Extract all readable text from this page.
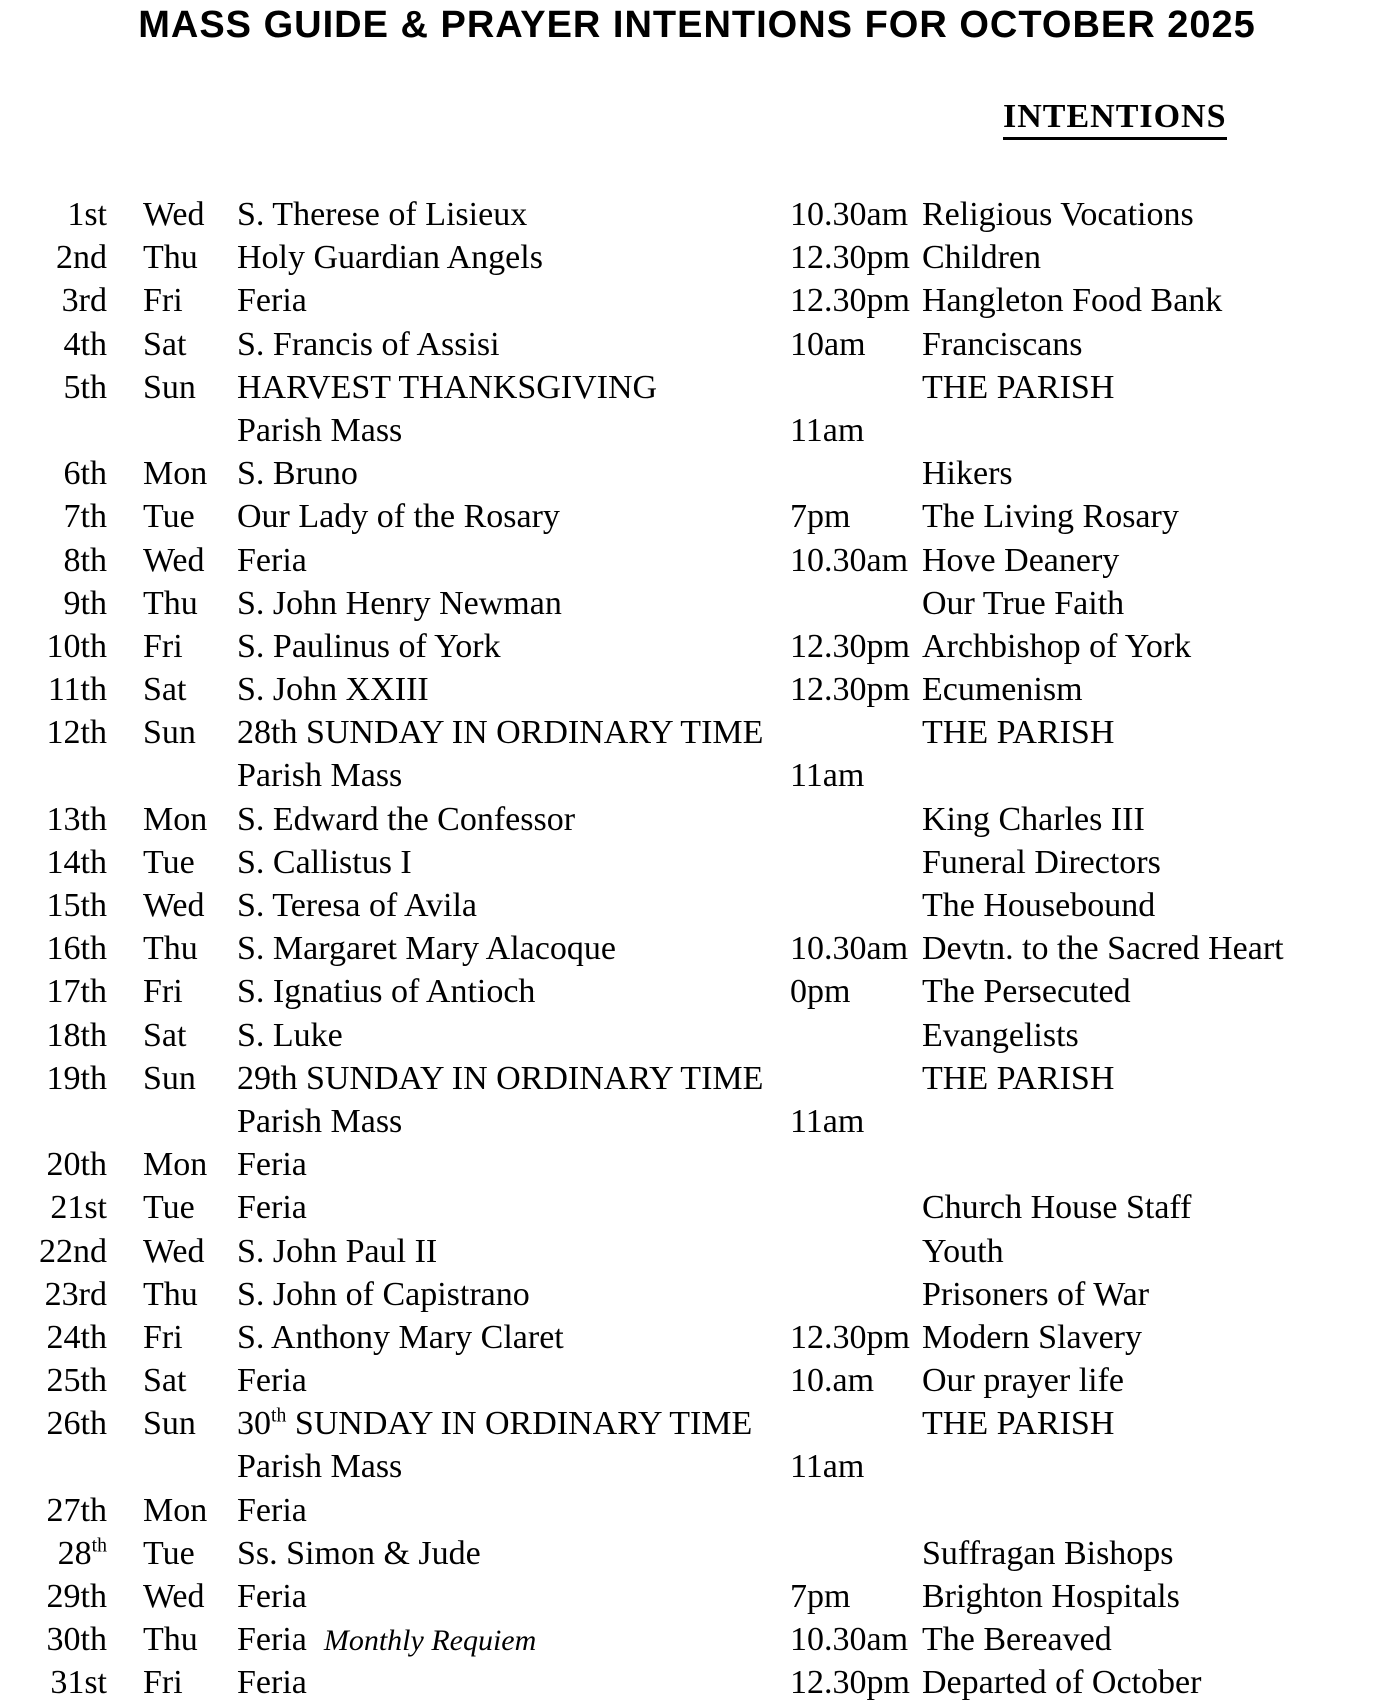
MASS GUIDE & PRAYER INTENTIONS FOR OCTOBER 2025
INTENTIONS
1st	Wed S. Therese of Lisieux	10.30am Religious Vocations
2nd	Thu	Holy Guardian Angels	12.30pm Children
3rd	Fri	Feria	12.30pm Hangleton Food Bank
4th	Sat	S. Francis of Assisi	10am	Franciscans
5th	Sun	HARVEST THANKSGIVING	THE PARISH
Parish Mass	11am
6th	Mon S. Bruno	Hikers
7th	Tue	Our Lady of the Rosary	7pm	The Living Rosary
8th	Wed Feria	10.30am Hove Deanery
9th	Thu	S. John Henry Newman	Our True Faith
10th	Fri	S. Paulinus of York	12.30pm Archbishop of York
11th	Sat	S. John XXIII	12.30pm Ecumenism
12th	Sun	28th SUNDAY IN ORDINARY TIME	THE PARISH
Parish Mass	11am
13th	Mon S. Edward the Confessor	King Charles III
14th	Tue	S. Callistus I	Funeral Directors
15th	Wed S. Teresa of Avila	The Housebound
16th	Thu	S. Margaret Mary Alacoque	10.30am Devtn. to the Sacred Heart
17th	Fri	S. Ignatius of Antioch	0pm	The Persecuted
18th	Sat	S. Luke	Evangelists
19th	Sun	29th SUNDAY IN ORDINARY TIME	THE PARISH
Parish Mass	11am
20th	Mon Feria
21st	Tue	Feria	Church House Staff
22nd	Wed S. John Paul II	Youth
23rd	Thu	S. John of Capistrano	Prisoners of War
24th	Fri	S. Anthony Mary Claret	12.30pm Modern Slavery
25th	Sat	Feria	10.am	Our prayer life
26th	Sun	30th SUNDAY IN ORDINARY TIME	THE PARISH
Parish Mass	11am
27th	Mon Feria
28th	Tue	Ss. Simon & Jude	Suffragan Bishops
29th	Wed Feria	7pm	Brighton Hospitals
30th	Thu	Feria  Monthly Requiem	10.30am The Bereaved
31st	Fri	Feria	12.30pm Departed of October
